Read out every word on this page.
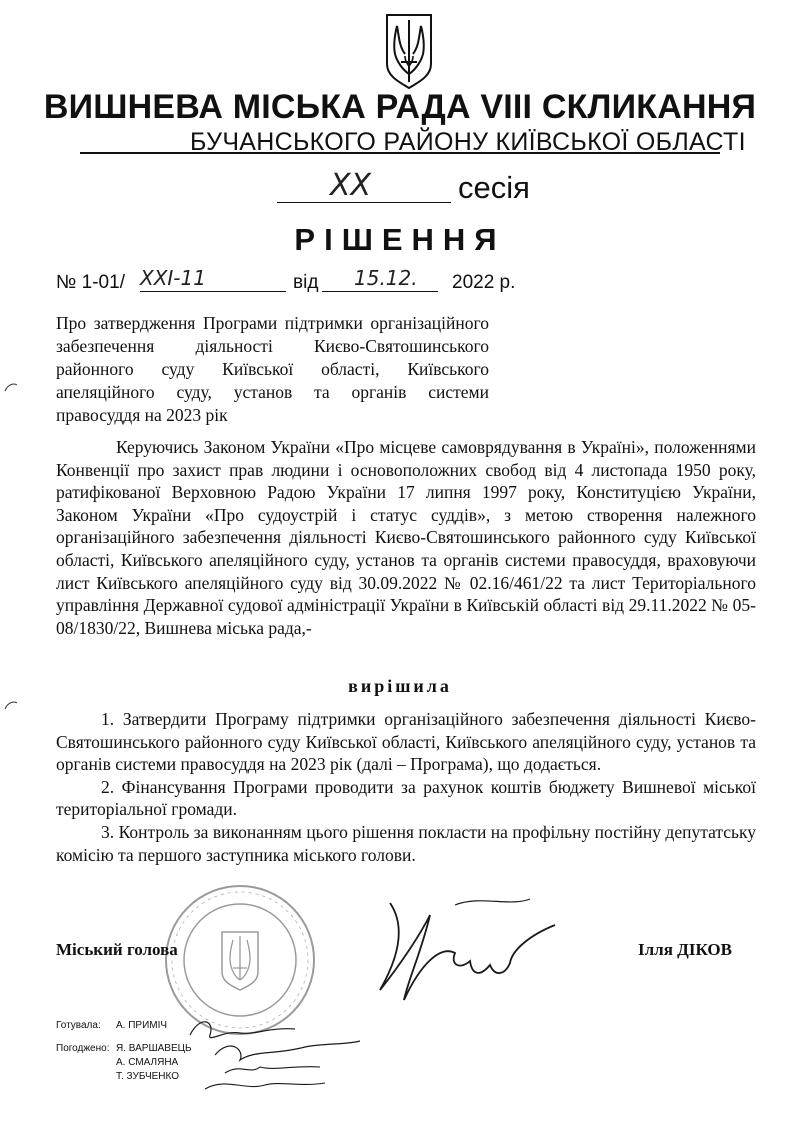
ВИШНЕВА МІСЬКА РАДА VIII СКЛИКАННЯ
БУЧАНСЬКОГО РАЙОНУ КИЇВСЬКОЇ ОБЛАСТІ
ХХ	сесія
РІШЕННЯ
№ 1-01/ ХХІ-11	від 15.12. 2022 р.
Про затвердження Програми підтримки організаційного забезпечення діяльності Києво-Святошинського районного суду Київської області, Київського апеляційного суду, установ та органів системи правосуддя на 2023 рік
Керуючись Законом України «Про місцеве самоврядування в Україні», положеннями Конвенції про захист прав людини і основоположних свобод від 4 листопада 1950 року, ратифікованої Верховною Радою України 17 липня 1997 року, Конституцією України, Законом України «Про судоустрій і статус суддів», з метою створення належного організаційного забезпечення діяльності Києво-Святошинського районного суду Київської області, Київського апеляційного суду, установ та органів системи правосуддя, враховуючи лист Київського апеляційного суду від 30.09.2022 № 02.16/461/22 та лист Територіального управління Державної судової адміністрації України в Київській області від 29.11.2022 № 05-08/1830/22, Вишнева міська рада,-
вирішила

1. Затвердити Програму підтримки організаційного забезпечення діяльності Києво-Святошинського районного суду Київської області, Київського апеляційного суду, установ та органів системи правосуддя на 2023 рік (далі – Програма), що додається.

2. Фінансування Програми проводити за рахунок коштів бюджету Вишневої міської територіальної громади.

3. Контроль за виконанням цього рішення покласти на профільну постійну депутатську комісію та першого заступника міського голови.

Міський голова	Ілля ДІКОВ
Готувала: А. ПРИМІЧ
Погоджено: Я. ВАРШАВЕЦЬ
А. СМАЛЯНА
Т. ЗУБЧЕНКО
